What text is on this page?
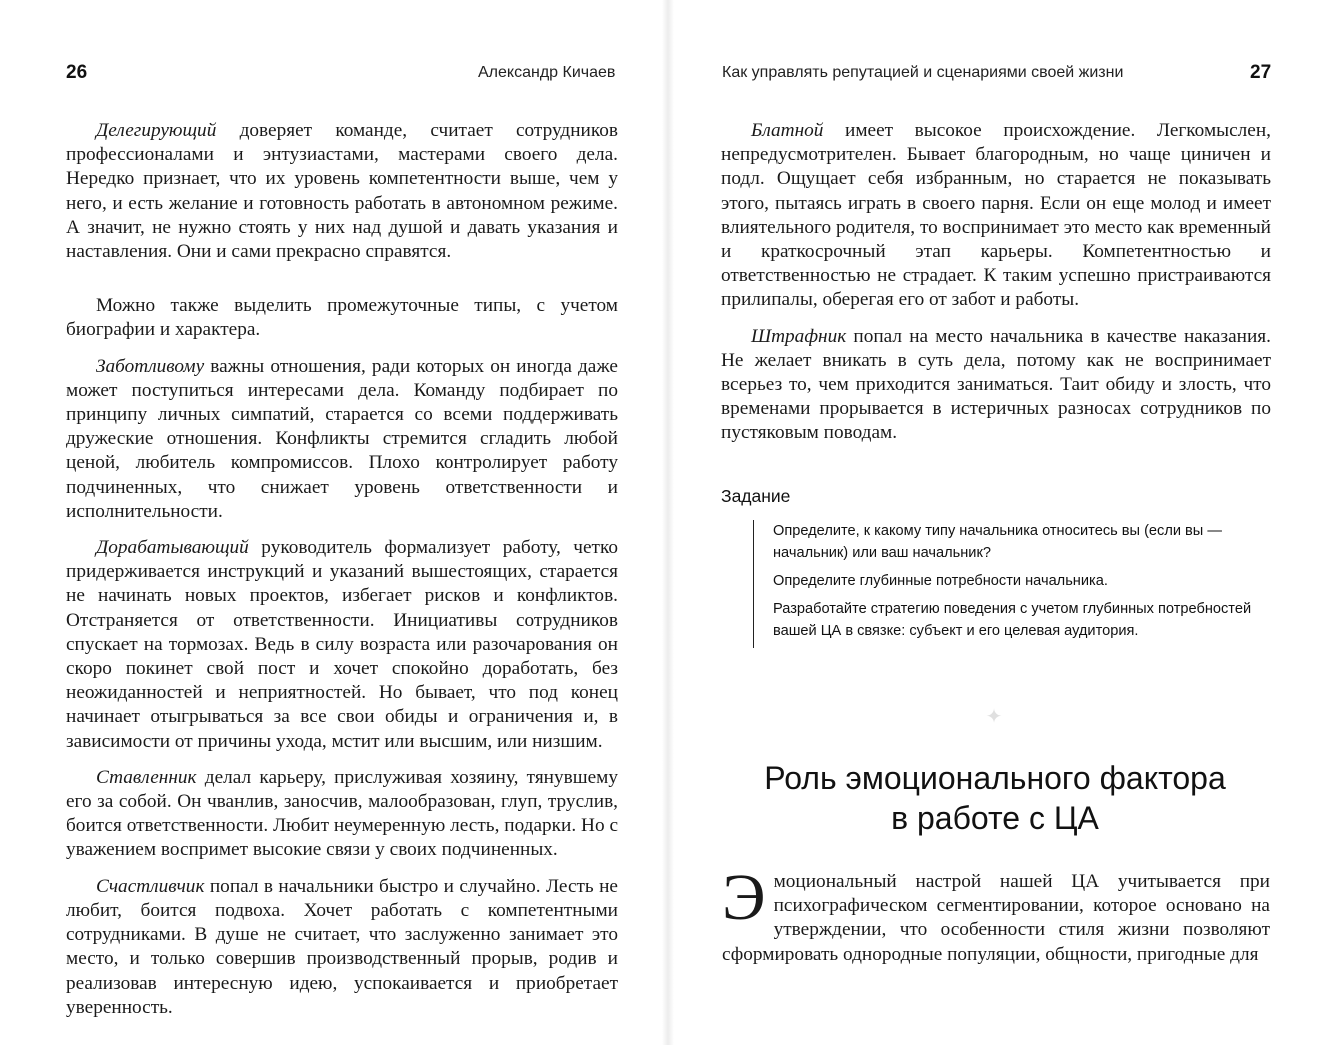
26	Александр Кичаев

Делегирующий доверяет команде, считает сотрудников профессионалами и энтузиастами, мастерами своего дела. Нередко признает, что их уровень компетентности выше, чем у него, и есть желание и готовность работать в автономном режиме. А значит, не нужно стоять у них над душой и давать указания и наставления. Они и сами прекрасно справятся.

Можно также выделить промежуточные типы, с учетом биографии и характера.

Заботливому важны отношения, ради которых он иногда даже может поступиться интересами дела. Команду подбирает по принципу личных симпатий, старается со всеми поддерживать дружеские отношения. Конфликты стремится сгладить любой ценой, любитель компромиссов. Плохо контролирует работу подчиненных, что снижает уровень ответственности и исполнительности.

Дорабатывающий руководитель формализует работу, четко придерживается инструкций и указаний вышестоящих, старается не начинать новых проектов, избегает рисков и конфликтов. Отстраняется от ответственности. Инициативы сотрудников спускает на тормозах. Ведь в силу возраста или разочарования он скоро покинет свой пост и хочет спокойно доработать, без неожиданностей и неприятностей. Но бывает, что под конец начинает отыгрываться за все свои обиды и ограничения и, в зависимости от причины ухода, мстит или высшим, или низшим.

Ставленник делал карьеру, прислуживая хозяину, тянувшему его за собой. Он чванлив, заносчив, малообразован, глуп, труслив, боится ответственности. Любит неумеренную лесть, подарки. Но с уважением воспримет высокие связи у своих подчиненных.

Счастливчик попал в начальники быстро и случайно. Лесть не любит, боится подвоха. Хочет работать с компетентными сотрудниками. В душе не считает, что заслуженно занимает это место, и только совершив производственный прорыв, родив и реализовав интересную идею, успокаивается и приобретает уверенность.

Как управлять репутацией и сценариями своей жизни	27

Блатной имеет высокое происхождение. Легкомыслен, непредусмотрителен. Бывает благородным, но чаще циничен и подл. Ощущает себя избранным, но старается не показывать этого, пытаясь играть в своего парня. Если он еще молод и имеет влиятельного родителя, то воспринимает это место как временный и краткосрочный этап карьеры. Компетентностью и ответственностью не страдает. К таким успешно пристраиваются прилипалы, оберегая его от забот и работы.

Штрафник попал на место начальника в качестве наказания. Не желает вникать в суть дела, потому как не воспринимает всерьез то, чем приходится заниматься. Таит обиду и злость, что временами прорывается в истеричных разносах сотрудников по пустяковым поводам.

Задание

Определите, к какому типу начальника относитесь вы (если вы — начальник) или ваш начальник?

Определите глубинные потребности начальника.

Разработайте стратегию поведения с учетом глубинных потребностей вашей ЦА в связке: субъект и его целевая аудитория.

✦
Роль эмоционального фактора
в работе с ЦА
Эмоциональный настрой нашей ЦА учитывается при психографическом сегментировании, которое основано на утверждении, что особенности стиля жизни позволяют сформировать однородные популяции, общности, пригодные для
